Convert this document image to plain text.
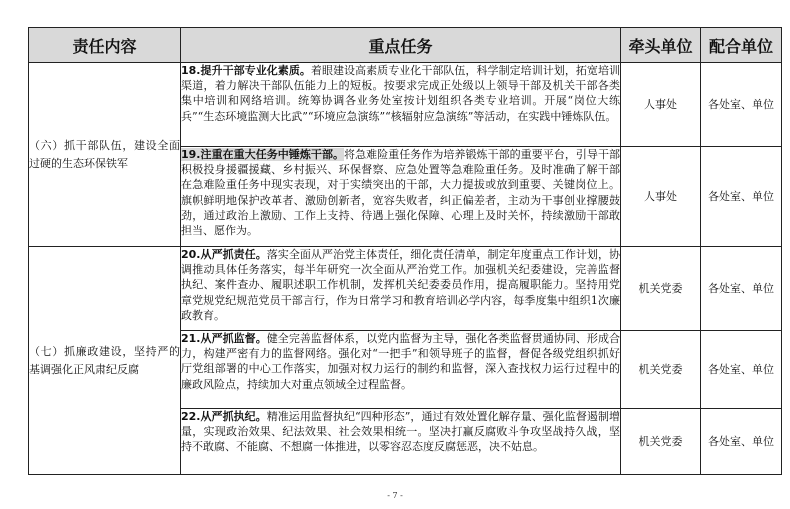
责任内容	重点任务	牵头单位	配合单位
（六）抓干部队伍，建设全面过硬的生态环保铁军	18.提升干部专业化素质。着眼建设高素质专业化干部队伍，科学制定培训计划，拓宽培训渠道，着力解决干部队伍能力上的短板。按要求完成正处级以上领导干部及机关干部各类集中培训和网络培训。统筹协调各业务处室按计划组织各类专业培训。开展“岗位大练兵”“生态环境监测大比武”“环境应急演练”“核辐射应急演练”等活动，在实践中锤炼队伍。	人事处	各处室、单位
	19.注重在重大任务中锤炼干部。将急难险重任务作为培养锻炼干部的重要平台，引导干部积极投身援疆援藏、乡村振兴、环保督察、应急处置等急难险重任务。及时准确了解干部在急难险重任务中现实表现，对于实绩突出的干部，大力提拔或放到重要、关键岗位上。旗帜鲜明地保护改革者、激励创新者，宽容失败者，纠正偏差者，主动为干事创业撑腰鼓劲，通过政治上激励、工作上支持、待遇上强化保障、心理上及时关怀，持续激励干部敢担当、愿作为。	人事处	各处室、单位
（七）抓廉政建设，坚持严的基调强化正风肃纪反腐	20.从严抓责任。落实全面从严治党主体责任，细化责任清单，制定年度重点工作计划，协调推动具体任务落实，每半年研究一次全面从严治党工作。加强机关纪委建设，完善监督执纪、案件查办、履职述职工作机制，发挥机关纪委委员作用，提高履职能力。坚持用党章党规党纪规范党员干部言行，作为日常学习和教育培训必学内容，每季度集中组织1次廉政教育。	机关党委	各处室、单位
	21.从严抓监督。健全完善监督体系，以党内监督为主导，强化各类监督贯通协同、形成合力，构建严密有力的监督网络。强化对“一把手”和领导班子的监督，督促各级党组织抓好厅党组部署的中心工作落实，加强对权力运行的制约和监督，深入查找权力运行过程中的廉政风险点，持续加大对重点领域全过程监督。	机关党委	各处室、单位
	22.从严抓执纪。精准运用监督执纪“四种形态”，通过有效处置化解存量、强化监督遏制增量，实现政治效果、纪法效果、社会效果相统一。坚决打赢反腐败斗争攻坚战持久战，坚持不敢腐、不能腐、不想腐一体推进，以零容忍态度反腐惩恶，决不姑息。	机关党委	各处室、单位
- 7 -
